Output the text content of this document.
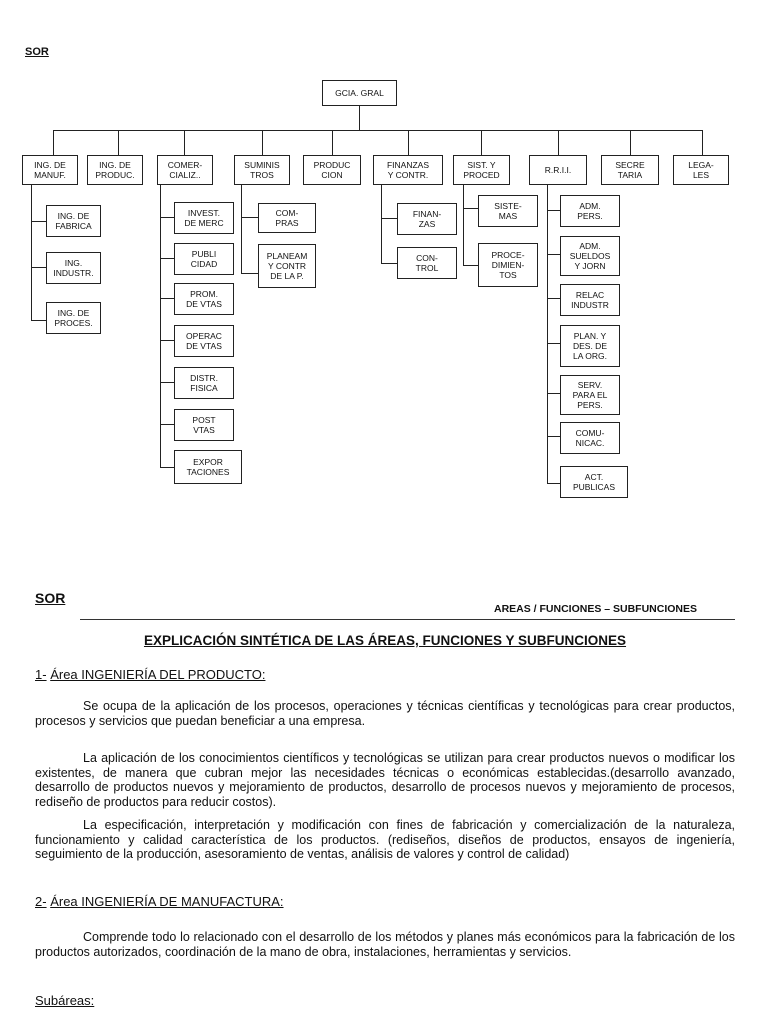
SOR
GCIA. GRAL
ING. DE
MANUF.
ING. DE
PRODUC.
COMER-
CIALIZ..
SUMINIS
TROS
PRODUC
CION
FINANZAS
Y CONTR.
SIST. Y
PROCED	R.R.I.I.	SECRE
TARIA
LEGA-
LES
ING. DE
FABRICA
ING.
INDUSTR.
ING. DE
PROCES.
INVEST.
DE MERC
PUBLI
CIDAD
PROM.
DE VTAS
OPERAC
DE VTAS
DISTR.
FISICA
POST
VTAS
EXPOR
TACIONES
COM-
PRAS
PLANEAM
Y CONTR
DE LA P.
FINAN-
ZAS
CON-
TROL
SISTE-
MAS
PROCE-
DIMIEN-
TOS
ADM.
PERS.
ADM.
SUELDOS
Y JORN
RELAC
INDUSTR
PLAN. Y
DES. DE
LA ORG.
SERV.
PARA EL
PERS.
COMU-
NICAC.
ACT.
PUBLICAS
SOR
AREAS / FUNCIONES – SUBFUNCIONES
EXPLICACIÓN SINTÉTICA DE LAS ÁREAS, FUNCIONES Y SUBFUNCIONES
1- Área INGENIERÍA DEL PRODUCTO:
Se ocupa de la aplicación de los procesos, operaciones y técnicas científicas y tecnológicas para crear productos, procesos y servicios que puedan beneficiar a una empresa.
La aplicación de los conocimientos científicos y tecnológicas se utilizan para crear productos nuevos o modificar los existentes, de manera que cubran mejor las necesidades técnicas o económicas establecidas.(desarrollo avanzado, desarrollo de productos nuevos y mejoramiento de productos, desarrollo de procesos nuevos y mejoramiento de procesos, rediseño de productos para reducir costos).
La especificación, interpretación y modificación con fines de fabricación y comercialización de la naturaleza, funcionamiento y calidad característica de los productos. (rediseños, diseños de productos, ensayos de ingeniería, seguimiento de la producción, asesoramiento de ventas, análisis de valores y control de calidad)
2- Área INGENIERÍA DE MANUFACTURA:
Comprende todo lo relacionado con el desarrollo de los métodos y planes más económicos para la fabricación de los productos autorizados, coordinación de la mano de obra, instalaciones, herramientas y servicios.
Subáreas:
